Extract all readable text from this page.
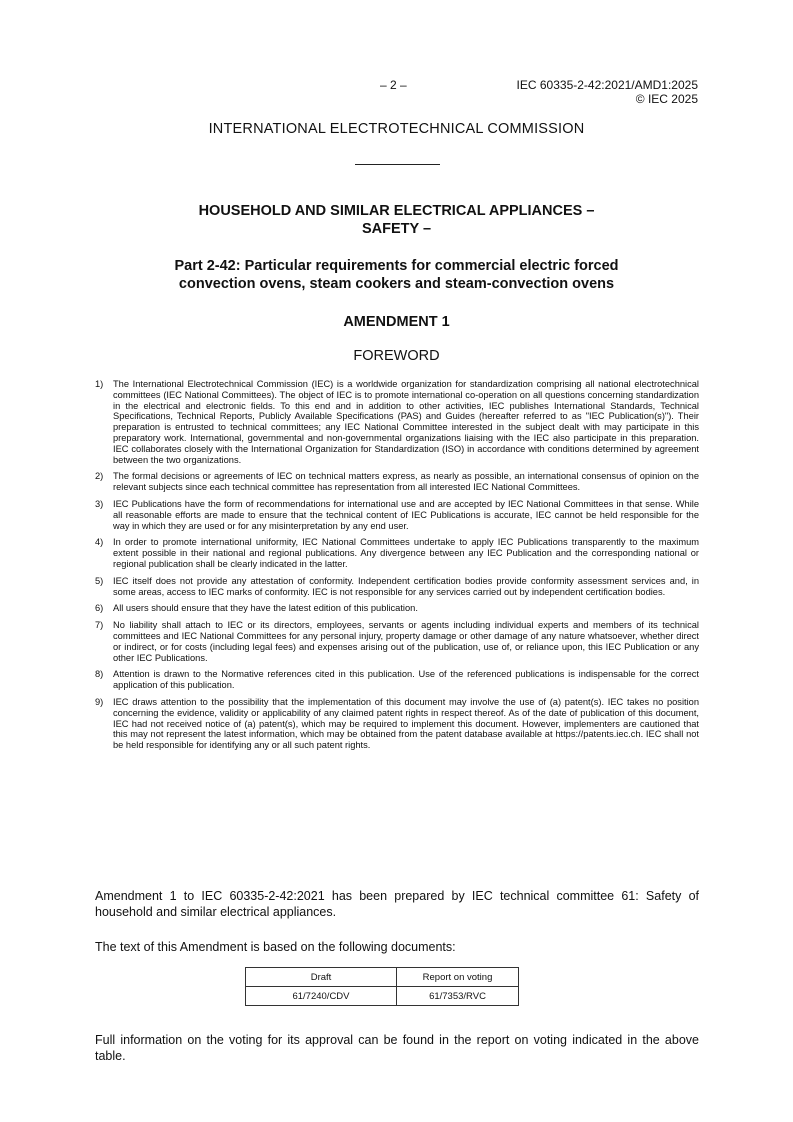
– 2 –	IEC 60335-2-42:2021/AMD1:2025
© IEC 2025
INTERNATIONAL ELECTROTECHNICAL COMMISSION
HOUSEHOLD AND SIMILAR ELECTRICAL APPLIANCES –
SAFETY –
Part 2-42: Particular requirements for commercial electric forced
convection ovens, steam cookers and steam-convection ovens
AMENDMENT 1
FOREWORD
1) The International Electrotechnical Commission (IEC) is a worldwide organization for standardization comprising all national electrotechnical committees (IEC National Committees). The object of IEC is to promote international co-operation on all questions concerning standardization in the electrical and electronic fields. To this end and in addition to other activities, IEC publishes International Standards, Technical Specifications, Technical Reports, Publicly Available Specifications (PAS) and Guides (hereafter referred to as "IEC Publication(s)"). Their preparation is entrusted to technical committees; any IEC National Committee interested in the subject dealt with may participate in this preparatory work. International, governmental and non-governmental organizations liaising with the IEC also participate in this preparation. IEC collaborates closely with the International Organization for Standardization (ISO) in accordance with conditions determined by agreement between the two organizations.
2) The formal decisions or agreements of IEC on technical matters express, as nearly as possible, an international consensus of opinion on the relevant subjects since each technical committee has representation from all interested IEC National Committees.
3) IEC Publications have the form of recommendations for international use and are accepted by IEC National Committees in that sense. While all reasonable efforts are made to ensure that the technical content of IEC Publications is accurate, IEC cannot be held responsible for the way in which they are used or for any misinterpretation by any end user.
4) In order to promote international uniformity, IEC National Committees undertake to apply IEC Publications transparently to the maximum extent possible in their national and regional publications. Any divergence between any IEC Publication and the corresponding national or regional publication shall be clearly indicated in the latter.
5) IEC itself does not provide any attestation of conformity. Independent certification bodies provide conformity assessment services and, in some areas, access to IEC marks of conformity. IEC is not responsible for any services carried out by independent certification bodies.
6) All users should ensure that they have the latest edition of this publication.
7) No liability shall attach to IEC or its directors, employees, servants or agents including individual experts and members of its technical committees and IEC National Committees for any personal injury, property damage or other damage of any nature whatsoever, whether direct or indirect, or for costs (including legal fees) and expenses arising out of the publication, use of, or reliance upon, this IEC Publication or any other IEC Publications.
8) Attention is drawn to the Normative references cited in this publication. Use of the referenced publications is indispensable for the correct application of this publication.
9) IEC draws attention to the possibility that the implementation of this document may involve the use of (a) patent(s). IEC takes no position concerning the evidence, validity or applicability of any claimed patent rights in respect thereof. As of the date of publication of this document, IEC had not received notice of (a) patent(s), which may be required to implement this document. However, implementers are cautioned that this may not represent the latest information, which may be obtained from the patent database available at https://patents.iec.ch. IEC shall not be held responsible for identifying any or all such patent rights.
Amendment 1 to IEC 60335-2-42:2021 has been prepared by IEC technical committee 61: Safety of household and similar electrical appliances.
The text of this Amendment is based on the following documents:
Draft	Report on voting
61/7240/CDV	61/7353/RVC
Full information on the voting for its approval can be found in the report on voting indicated in the above table.
